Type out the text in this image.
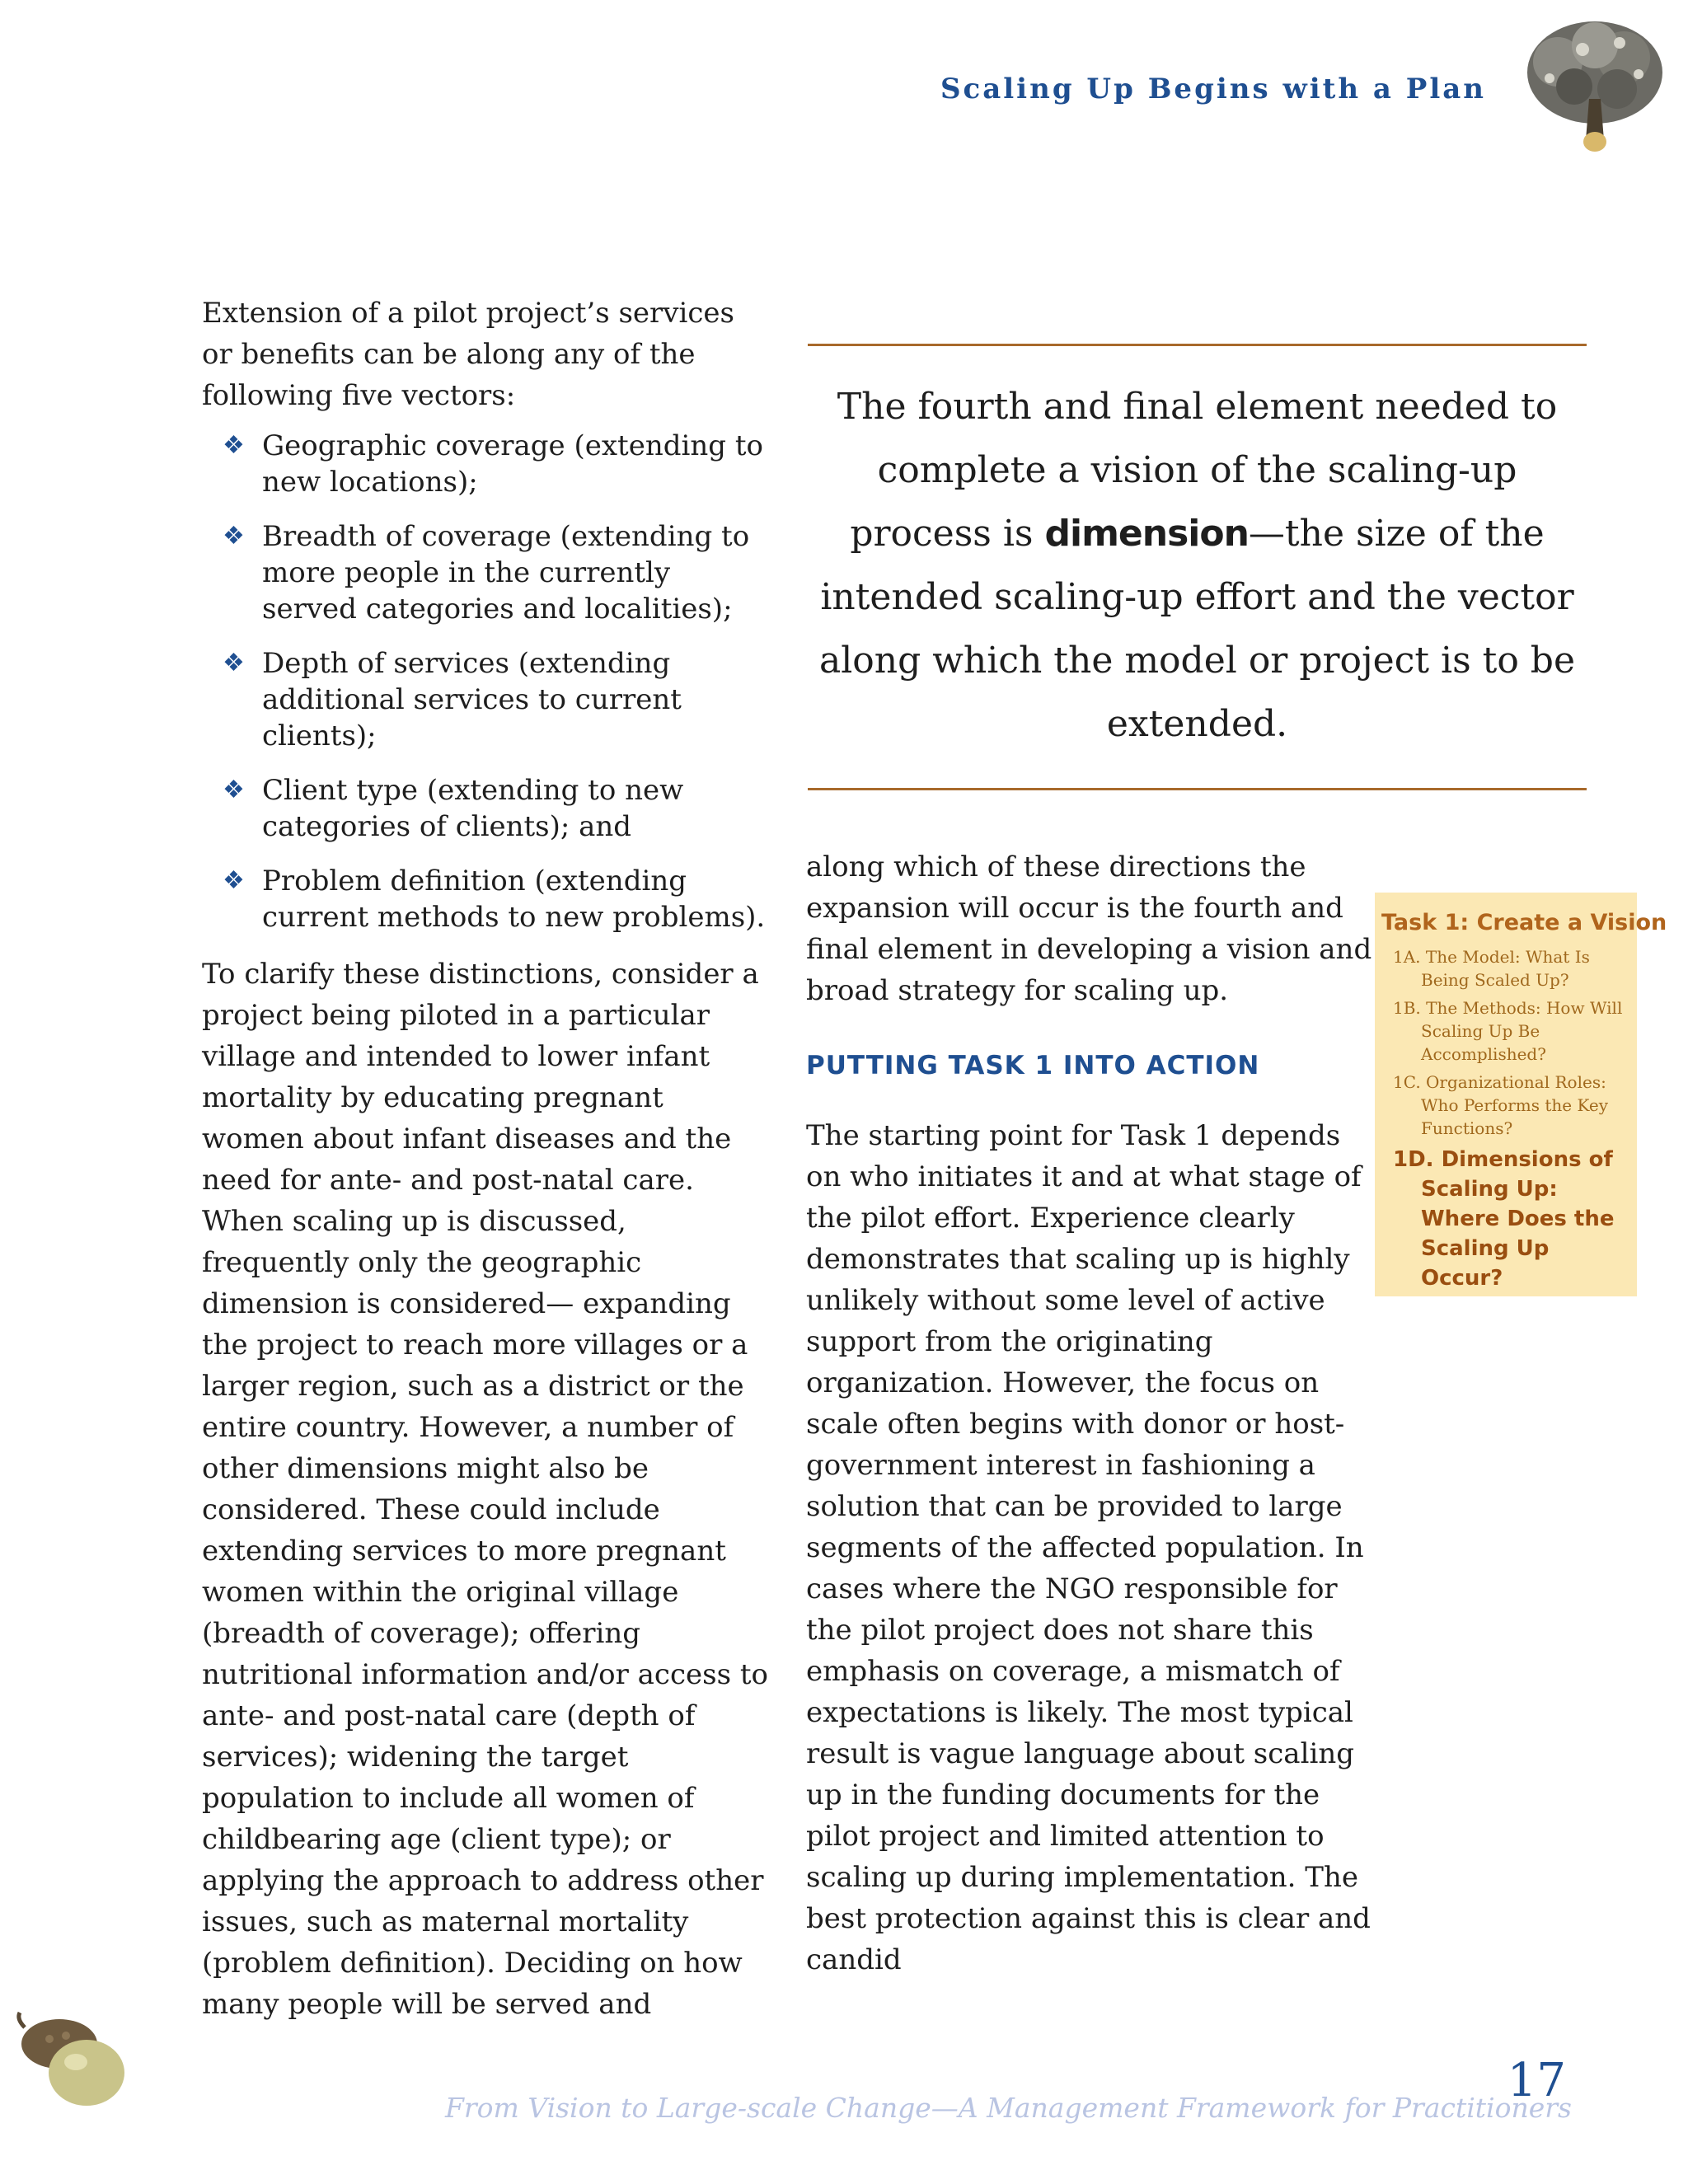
Scaling Up Begins with a Plan

Extension of a pilot project’s services or benefits can be along any of the following five vectors:

❖ Geographic coverage (extending to new locations);
❖ Breadth of coverage (extending to more people in the currently served categories and localities);
❖ Depth of services (extending additional services to current clients);
❖ Client type (extending to new categories of clients); and
❖ Problem definition (extending current methods to new problems).

To clarify these distinctions, consider a project being piloted in a particular village and intended to lower infant mortality by educating pregnant women about infant diseases and the need for ante- and post-natal care. When scaling up is discussed, frequently only the geographic dimension is considered— expanding the project to reach more villages or a larger region, such as a district or the entire country. However, a number of other dimensions might also be considered. These could include extending services to more pregnant women within the original village (breadth of coverage); offering nutritional information and/or access to ante- and post-natal care (depth of services); widening the target population to include all women of childbearing age (client type); or applying the approach to address other issues, such as maternal mortality (problem definition). Deciding on how many people will be served and

The fourth and final element needed to complete a vision of the scaling-up process is dimension—the size of the intended scaling-up effort and the vector along which the model or project is to be extended.

along which of these directions the expansion will occur is the fourth and final element in developing a vision and broad strategy for scaling up.

PUTTING TASK 1 INTO ACTION

The starting point for Task 1 depends on who initiates it and at what stage of the pilot effort. Experience clearly demonstrates that scaling up is highly unlikely without some level of active support from the originating organization. However, the focus on scale often begins with donor or host-government interest in fashioning a solution that can be provided to large segments of the affected population. In cases where the NGO responsible for the pilot project does not share this emphasis on coverage, a mismatch of expectations is likely. The most typical result is vague language about scaling up in the funding documents for the pilot project and limited attention to scaling up during implementation. The best protection against this is clear and candid

Task 1: Create a Vision
1A. The Model: What Is Being Scaled Up?
1B. The Methods: How Will Scaling Up Be Accomplished?
1C. Organizational Roles: Who Performs the Key Functions?
1D. Dimensions of Scaling Up: Where Does the Scaling Up Occur?
From Vision to Large-scale Change—A Management Framework for Practitioners
17
